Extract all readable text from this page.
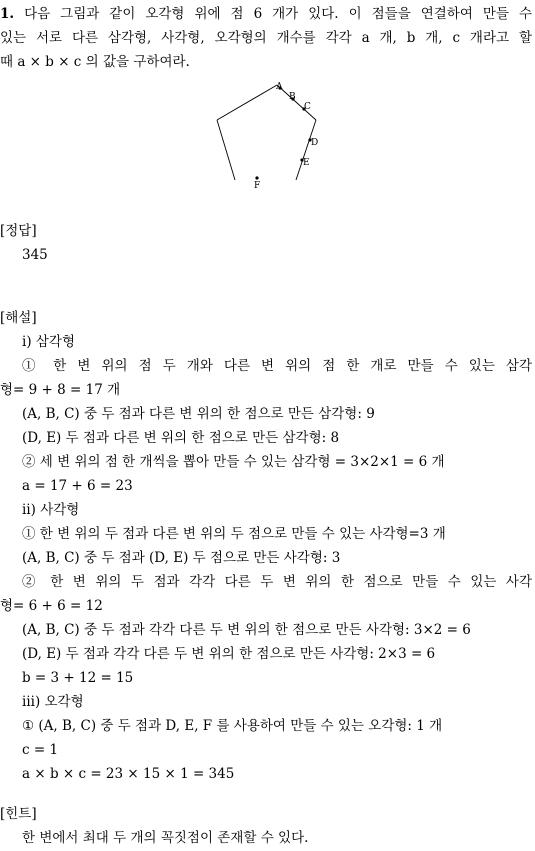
1. 다음 그림과 같이 오각형 위에 점 6 개가 있다. 이 점들을 연결하여 만들 수
있는 서로 다른 삼각형, 사각형, 오각형의 개수를 각각 a 개, b 개, c 개라고 할
때 a × b × c 의 값을 구하여라.
A
B
C
D
E
F
[정답]
345
[해설]
ⅰ) 삼각형
① 한 변 위의 점 두 개와 다른 변 위의 점 한 개로 만들 수 있는 삼각
형= 9 + 8 = 17 개
(A, B, C) 중 두 점과 다른 변 위의 한 점으로 만든 삼각형: 9
(D, E) 두 점과 다른 변 위의 한 점으로 만든 삼각형: 8
② 세 변 위의 점 한 개씩을 뽑아 만들 수 있는 삼각형 = 3×2×1 = 6 개
a = 17 + 6 = 23
ⅱ) 사각형
① 한 변 위의 두 점과 다른 변 위의 두 점으로 만들 수 있는 사각형=3 개
(A, B, C) 중 두 점과 (D, E) 두 점으로 만든 사각형: 3
② 한 변 위의 두 점과 각각 다른 두 변 위의 한 점으로 만들 수 있는 사각
형= 6 + 6 = 12
(A, B, C) 중 두 점과 각각 다른 두 변 위의 한 점으로 만든 사각형: 3×2 = 6
(D, E) 두 점과 각각 다른 두 변 위의 한 점으로 만든 사각형: 2×3 = 6
b = 3 + 12 = 15
ⅲ) 오각형
① (A, B, C) 중 두 점과 D, E, F 를 사용하여 만들 수 있는 오각형: 1 개
c = 1
a × b × c = 23 × 15 × 1 = 345
[힌트]
한 변에서 최대 두 개의 꼭짓점이 존재할 수 있다.
